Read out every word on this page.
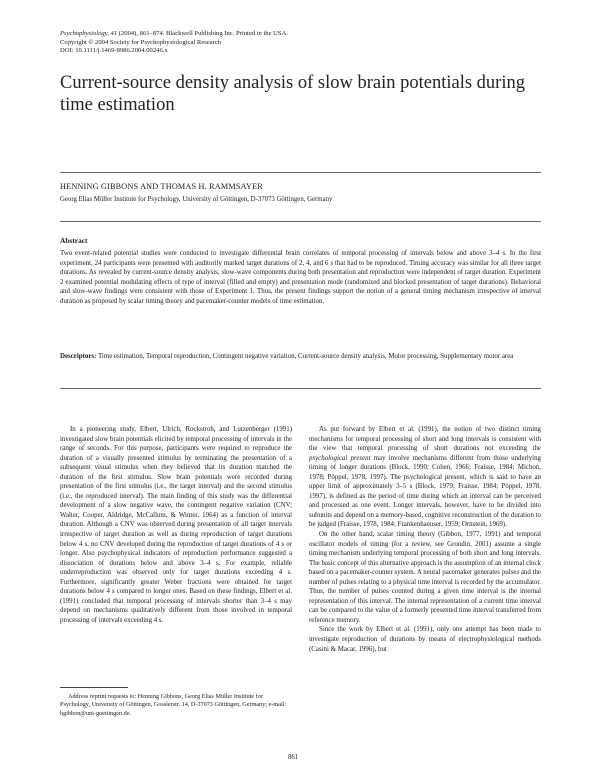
Psychophysiology, 41 (2004), 861–874. Blackwell Publishing Inc. Printed in the USA.
Copyright © 2004 Society for Psychophysiological Research
DOI: 10.1111/j.1469-8986.2004.00246.x
Current-source density analysis of slow brain potentials during time estimation
HENNING GIBBONS AND THOMAS H. RAMMSAYER
Georg Elias Müller Institute for Psychology, University of Göttingen, D-37073 Göttingen, Germany
Abstract

Two event-related potential studies were conducted to investigate differential brain correlates of temporal processing of intervals below and above 3–4 s. In the first experiment, 24 participants were presented with auditorily marked target durations of 2, 4, and 6 s that had to be reproduced. Timing accuracy was similar for all three target durations. As revealed by current-source density analysis, slow-wave components during both presentation and reproduction were independent of target duration. Experiment 2 examined potential modulating effects of type of interval (filled and empty) and presentation mode (randomized and blocked presentation of target durations). Behavioral and slow-wave findings were consistent with those of Experiment 1. Thus, the present findings support the notion of a general timing mechanism irrespective of interval duration as proposed by scalar timing theory and pacemaker-counter models of time estimation.

Descriptors: Time estimation, Temporal reproduction, Contingent negative variation, Current-source density analysis, Motor processing, Supplementary motor area

In a pioneering study, Elbert, Ulrich, Rockstroh, and Lutzenberger (1991) investigated slow brain potentials elicited by temporal processing of intervals in the range of seconds. For this purpose, participants were required to reproduce the duration of a visually presented stimulus by terminating the presentation of a subsequent visual stimulus when they believed that its duration matched the duration of the first stimulus. Slow brain potentials were recorded during presentation of the first stimulus (i.e., the target interval) and the second stimulus (i.e., the reproduced interval). The main finding of this study was the differential development of a slow negative wave, the contingent negative variation (CNV; Walter, Cooper, Aldridge, McCallum, & Winter, 1964) as a function of interval duration. Although a CNV was observed during presentation of all target intervals irrespective of target duration as well as during reproduction of target durations below 4 s, no CNV developed during the reproduction of target durations of 4 s or longer. Also psychophysical indicators of reproduction performance suggested a dissociation of durations below and above 3–4 s. For example, reliable underreproduction was observed only for target durations exceeding 4 s. Furthermore, significantly greater Weber fractions were obtained for target durations below 4 s compared to longer ones. Based on these findings, Elbert et al. (1991) concluded that temporal processing of intervals shorter than 3–4 s may depend on mechanisms qualitatively different from those involved in temporal processing of intervals exceeding 4 s.

As put forward by Elbert et al. (1991), the notion of two distinct timing mechanisms for temporal processing of short and long intervals is consistent with the view that temporal processing of short durations not exceeding the psychological present may involve mechanisms different from those underlying timing of longer durations (Block, 1990; Cohen, 1966; Fraisse, 1984; Michon, 1978; Pöppel, 1978, 1997). The psychological present, which is said to have an upper limit of approximately 3–5 s (Block, 1979; Fraisse, 1984; Pöppel, 1978, 1997), is defined as the period of time during which an interval can be perceived and processed as one event. Longer intervals, however, have to be divided into subunits and depend on a memory-based, cognitive reconstruction of the duration to be judged (Fraisse, 1978, 1984; Frankenhaeuser, 1959; Ornstein, 1969).

On the other hand, scalar timing theory (Gibbon, 1977, 1991) and temporal oscillator models of timing (for a review, see Grondin, 2001) assume a single timing mechanism underlying temporal processing of both short and long intervals. The basic concept of this alternative approach is the assumption of an internal clock based on a pacemaker-counter system. A neural pacemaker generates pulses and the number of pulses relating to a physical time interval is recorded by the accumulator. Thus, the number of pulses counted during a given time interval is the internal representation of this interval. The internal representation of a current time interval can be compared to the value of a formerly presented time interval transferred from reference memory.

Since the work by Elbert et al. (1991), only one attempt has been made to investigate reproduction of durations by means of electrophysiological methods (Casini & Macar, 1996), but

Address reprint requests to: Henning Gibbons, Georg Elias Müller Institute for Psychology, University of Göttingen, Gosslerstr. 14, D-37073 Göttingen, Germany; e-mail: hgibbon@uni-goettingen.de.

861
